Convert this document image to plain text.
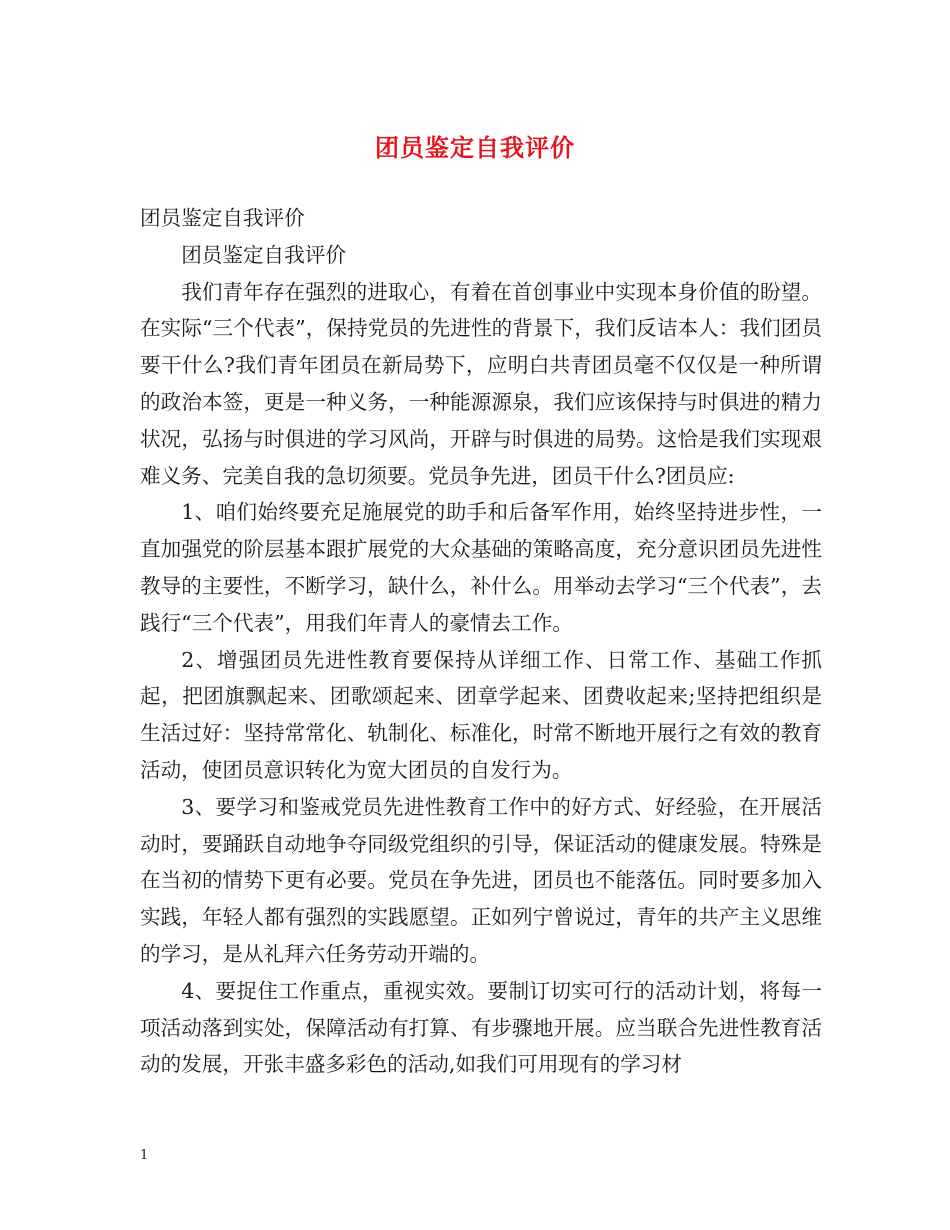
团员鉴定自我评价

团员鉴定自我评价

团员鉴定自我评价

我们青年存在强烈的进取心，有着在首创事业中实现本身价值的盼望。在实际“三个代表”，保持党员的先进性的背景下，我们反诘本人：我们团员要干什么?我们青年团员在新局势下，应明白共青团员毫不仅仅是一种所谓的政治本签，更是一种义务，一种能源源泉，我们应该保持与时俱进的精力状况，弘扬与时俱进的学习风尚，开辟与时俱进的局势。这恰是我们实现艰难义务、完美自我的急切须要。党员争先进，团员干什么?团员应:

1、咱们始终要充足施展党的助手和后备军作用，始终坚持进步性，一直加强党的阶层基本跟扩展党的大众基础的策略高度，充分意识团员先进性教导的主要性，不断学习，缺什么，补什么。用举动去学习“三个代表”，去践行“三个代表”，用我们年青人的豪情去工作。

2、增强团员先进性教育要保持从详细工作、日常工作、基础工作抓起，把团旗飘起来、团歌颂起来、团章学起来、团费收起来;坚持把组织是生活过好：坚持常常化、轨制化、标准化，时常不断地开展行之有效的教育活动，使团员意识转化为宽大团员的自发行为。

3、要学习和鉴戒党员先进性教育工作中的好方式、好经验，在开展活动时，要踊跃自动地争夺同级党组织的引导，保证活动的健康发展。特殊是在当初的情势下更有必要。党员在争先进，团员也不能落伍。同时要多加入实践，年轻人都有强烈的实践愿望。正如列宁曾说过，青年的共产主义思维的学习，是从礼拜六任务劳动开端的。

4、要捉住工作重点，重视实效。要制订切实可行的活动计划，将每一项活动落到实处，保障活动有打算、有步骤地开展。应当联合先进性教育活动的发展，开张丰盛多彩色的活动,如我们可用现有的学习材

1
